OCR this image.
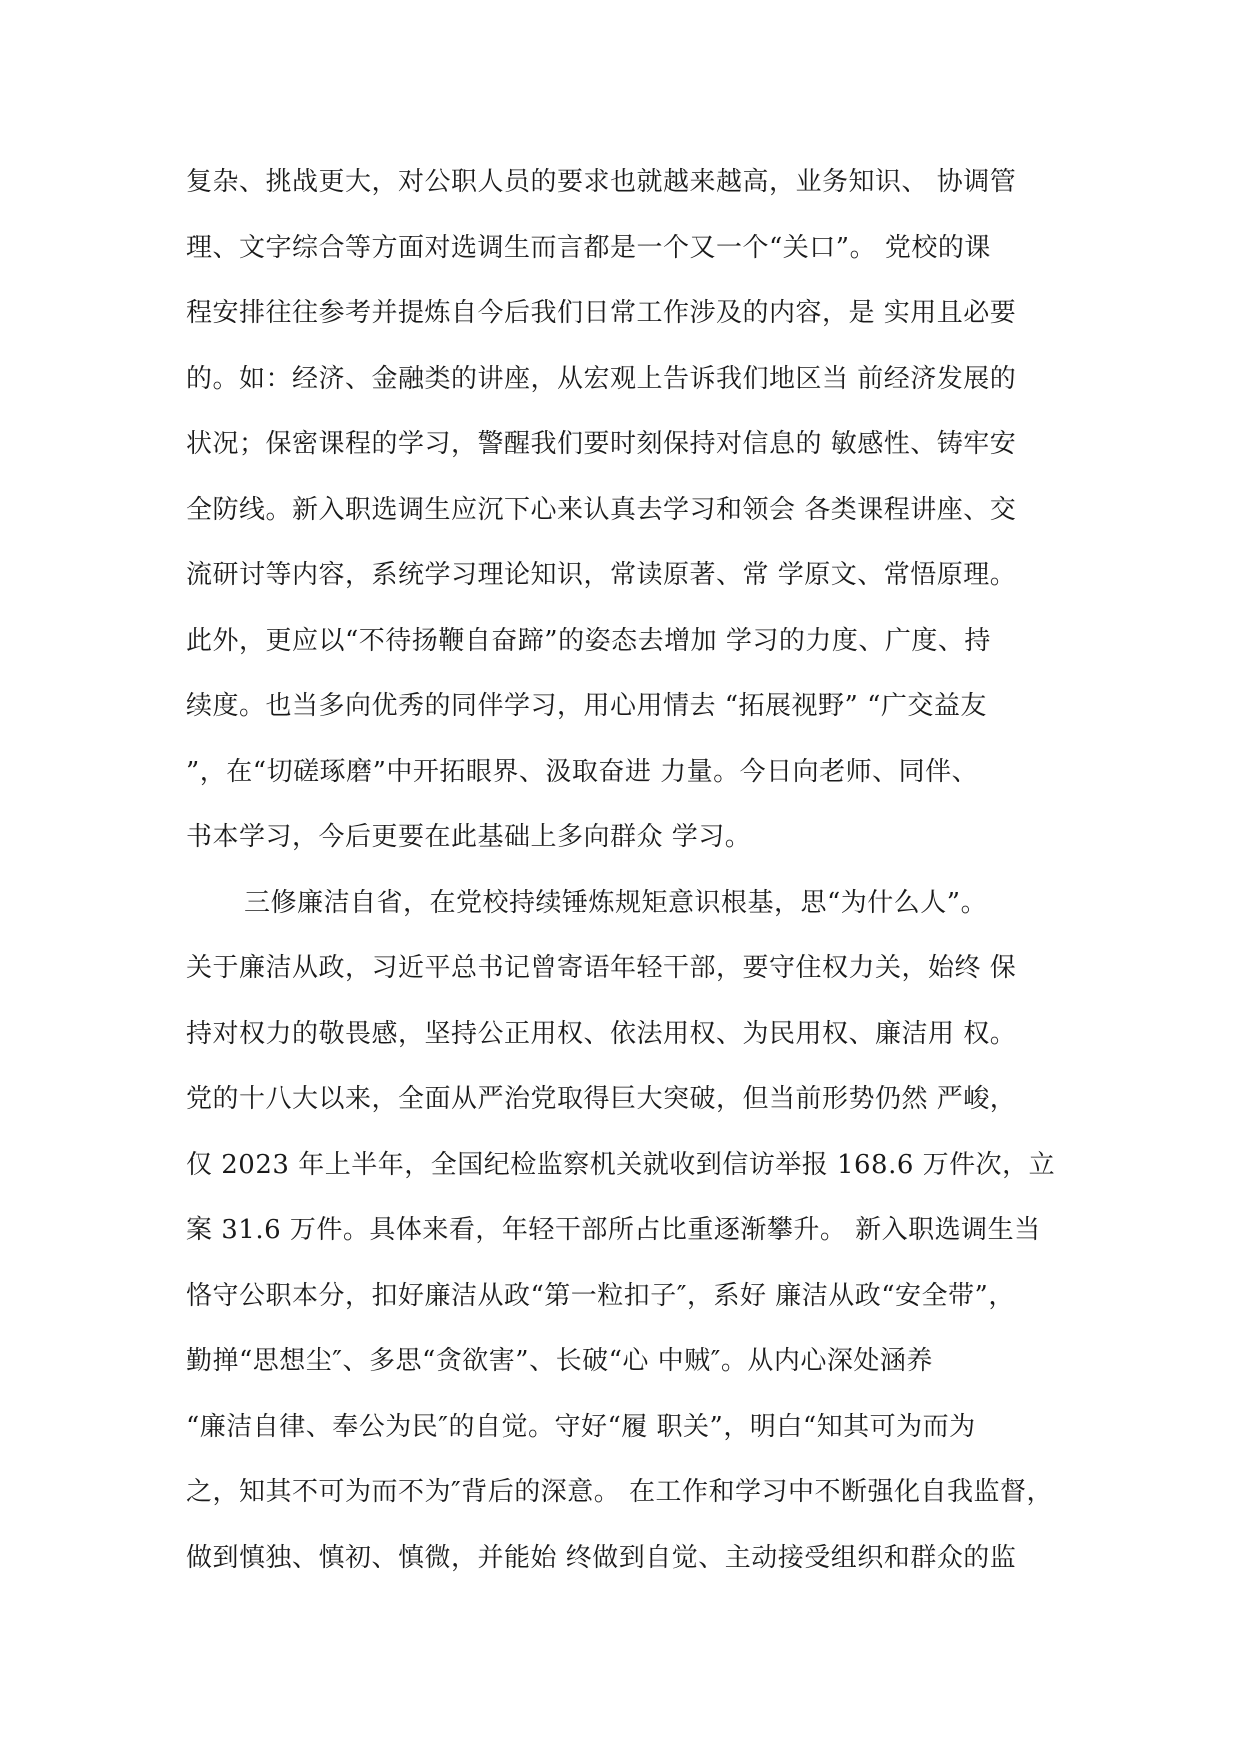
复杂、挑战更大，对公职人员的要求也就越来越高，业务知识、 协调管
理、文字综合等方面对选调生而言都是一个又一个“关口”。 党校的课
程安排往往参考并提炼自今后我们日常工作涉及的内容，是 实用且必要
的。如：经济、金融类的讲座，从宏观上告诉我们地区当 前经济发展的
状况；保密课程的学习，警醒我们要时刻保持对信息的 敏感性、铸牢安
全防线。新入职选调生应沉下心来认真去学习和领会 各类课程讲座、交
流研讨等内容，系统学习理论知识，常读原著、常 学原文、常悟原理。
此外，更应以“不待扬鞭自奋蹄”的姿态去增加 学习的力度、广度、持
续度。也当多向优秀的同伴学习，用心用情去 “拓展视野” “广交益友
”，在“切磋琢磨”中开拓眼界、汲取奋进 力量。今日向老师、同伴、
书本学习，今后更要在此基础上多向群众 学习。
三修廉洁自省，在党校持续锤炼规矩意识根基，思“为什么人”。
关于廉洁从政，习近平总书记曾寄语年轻干部，要守住权力关，始终 保
持对权力的敬畏感，坚持公正用权、依法用权、为民用权、廉洁用 权。
党的十八大以来，全面从严治党取得巨大突破，但当前形势仍然 严峻，
仅 2023 年上半年，全国纪检监察机关就收到信访举报 168.6 万件次，立
案 31.6 万件。具体来看，年轻干部所占比重逐渐攀升。 新入职选调生当
恪守公职本分，扣好廉洁从政“第一粒扣子″，系好 廉洁从政“安全带”，
勤掸“思想尘″、多思“贪欲害”、长破“心 中贼″。从内心深处涵养
“廉洁自律、奉公为民″的自觉。守好“履 职关”，明白“知其可为而为
之，知其不可为而不为″背后的深意。 在工作和学习中不断强化自我监督，
做到慎独、慎初、慎微，并能始 终做到自觉、主动接受组织和群众的监
